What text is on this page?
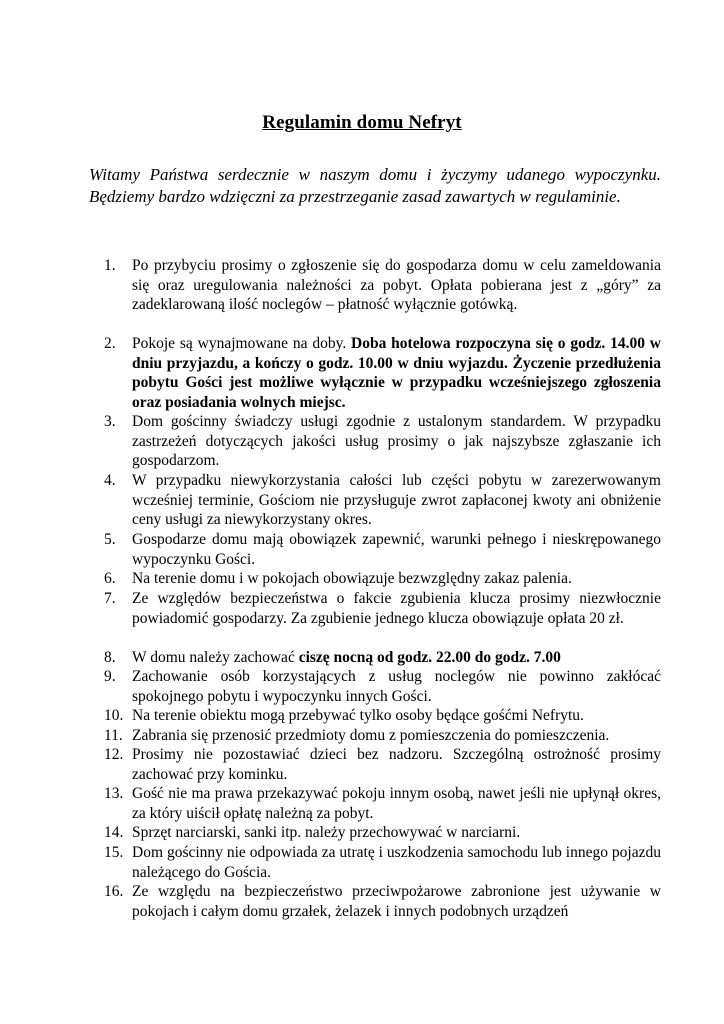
Regulamin domu Nefryt
Witamy Państwa serdecznie w naszym domu i życzymy udanego wypoczynku. Będziemy bardzo wdzięczni za przestrzeganie zasad zawartych w regulaminie.
1.	Po przybyciu prosimy o zgłoszenie się do gospodarza domu w celu zameldowania się oraz uregulowania należności za pobyt. Opłata pobierana jest z „góry” za zadeklarowaną ilość noclegów – płatność wyłącznie gotówką.
2.	Pokoje są wynajmowane na doby. Doba hotelowa rozpoczyna się o godz. 14.00 w dniu przyjazdu, a kończy o godz. 10.00 w dniu wyjazdu. Życzenie przedłużenia pobytu Gości jest możliwe wyłącznie w przypadku wcześniejszego zgłoszenia oraz posiadania wolnych miejsc.
3.	Dom gościnny świadczy usługi zgodnie z ustalonym standardem. W przypadku zastrzeżeń dotyczących jakości usług prosimy o jak najszybsze zgłaszanie ich gospodarzom.
4.	W przypadku niewykorzystania całości lub części pobytu w zarezerwowanym wcześniej terminie, Gościom nie przysługuje zwrot zapłaconej kwoty ani obniżenie ceny usługi za niewykorzystany okres.
5.	Gospodarze domu mają obowiązek zapewnić, warunki pełnego i nieskrępowanego wypoczynku Gości.
6.	Na terenie domu i w pokojach obowiązuje bezwzględny zakaz palenia.
7.	Ze względów bezpieczeństwa o fakcie zgubienia klucza prosimy niezwłocznie powiadomić gospodarzy. Za zgubienie jednego klucza obowiązuje opłata 20 zł.
8.	W domu należy zachować ciszę nocną od godz. 22.00 do godz. 7.00
9.	Zachowanie osób korzystających z usług noclegów nie powinno zakłócać spokojnego pobytu i wypoczynku innych Gości.
10. Na terenie obiektu mogą przebywać tylko osoby będące gośćmi Nefrytu.
11. Zabrania się przenosić przedmioty domu z pomieszczenia do pomieszczenia.
12. Prosimy nie pozostawiać dzieci bez nadzoru. Szczególną ostrożność prosimy zachować przy kominku.
13. Gość nie ma prawa przekazywać pokoju innym osobą, nawet jeśli nie upłynął okres, za który uiścił opłatę należną za pobyt.
14. Sprzęt narciarski, sanki itp. należy przechowywać w narciarni.
15. Dom gościnny nie odpowiada za utratę i uszkodzenia samochodu lub innego pojazdu należącego do Gościa.
16. Ze względu na bezpieczeństwo przeciwpożarowe zabronione jest używanie w pokojach i całym domu grzałek, żelazek i innych podobnych urządzeń
